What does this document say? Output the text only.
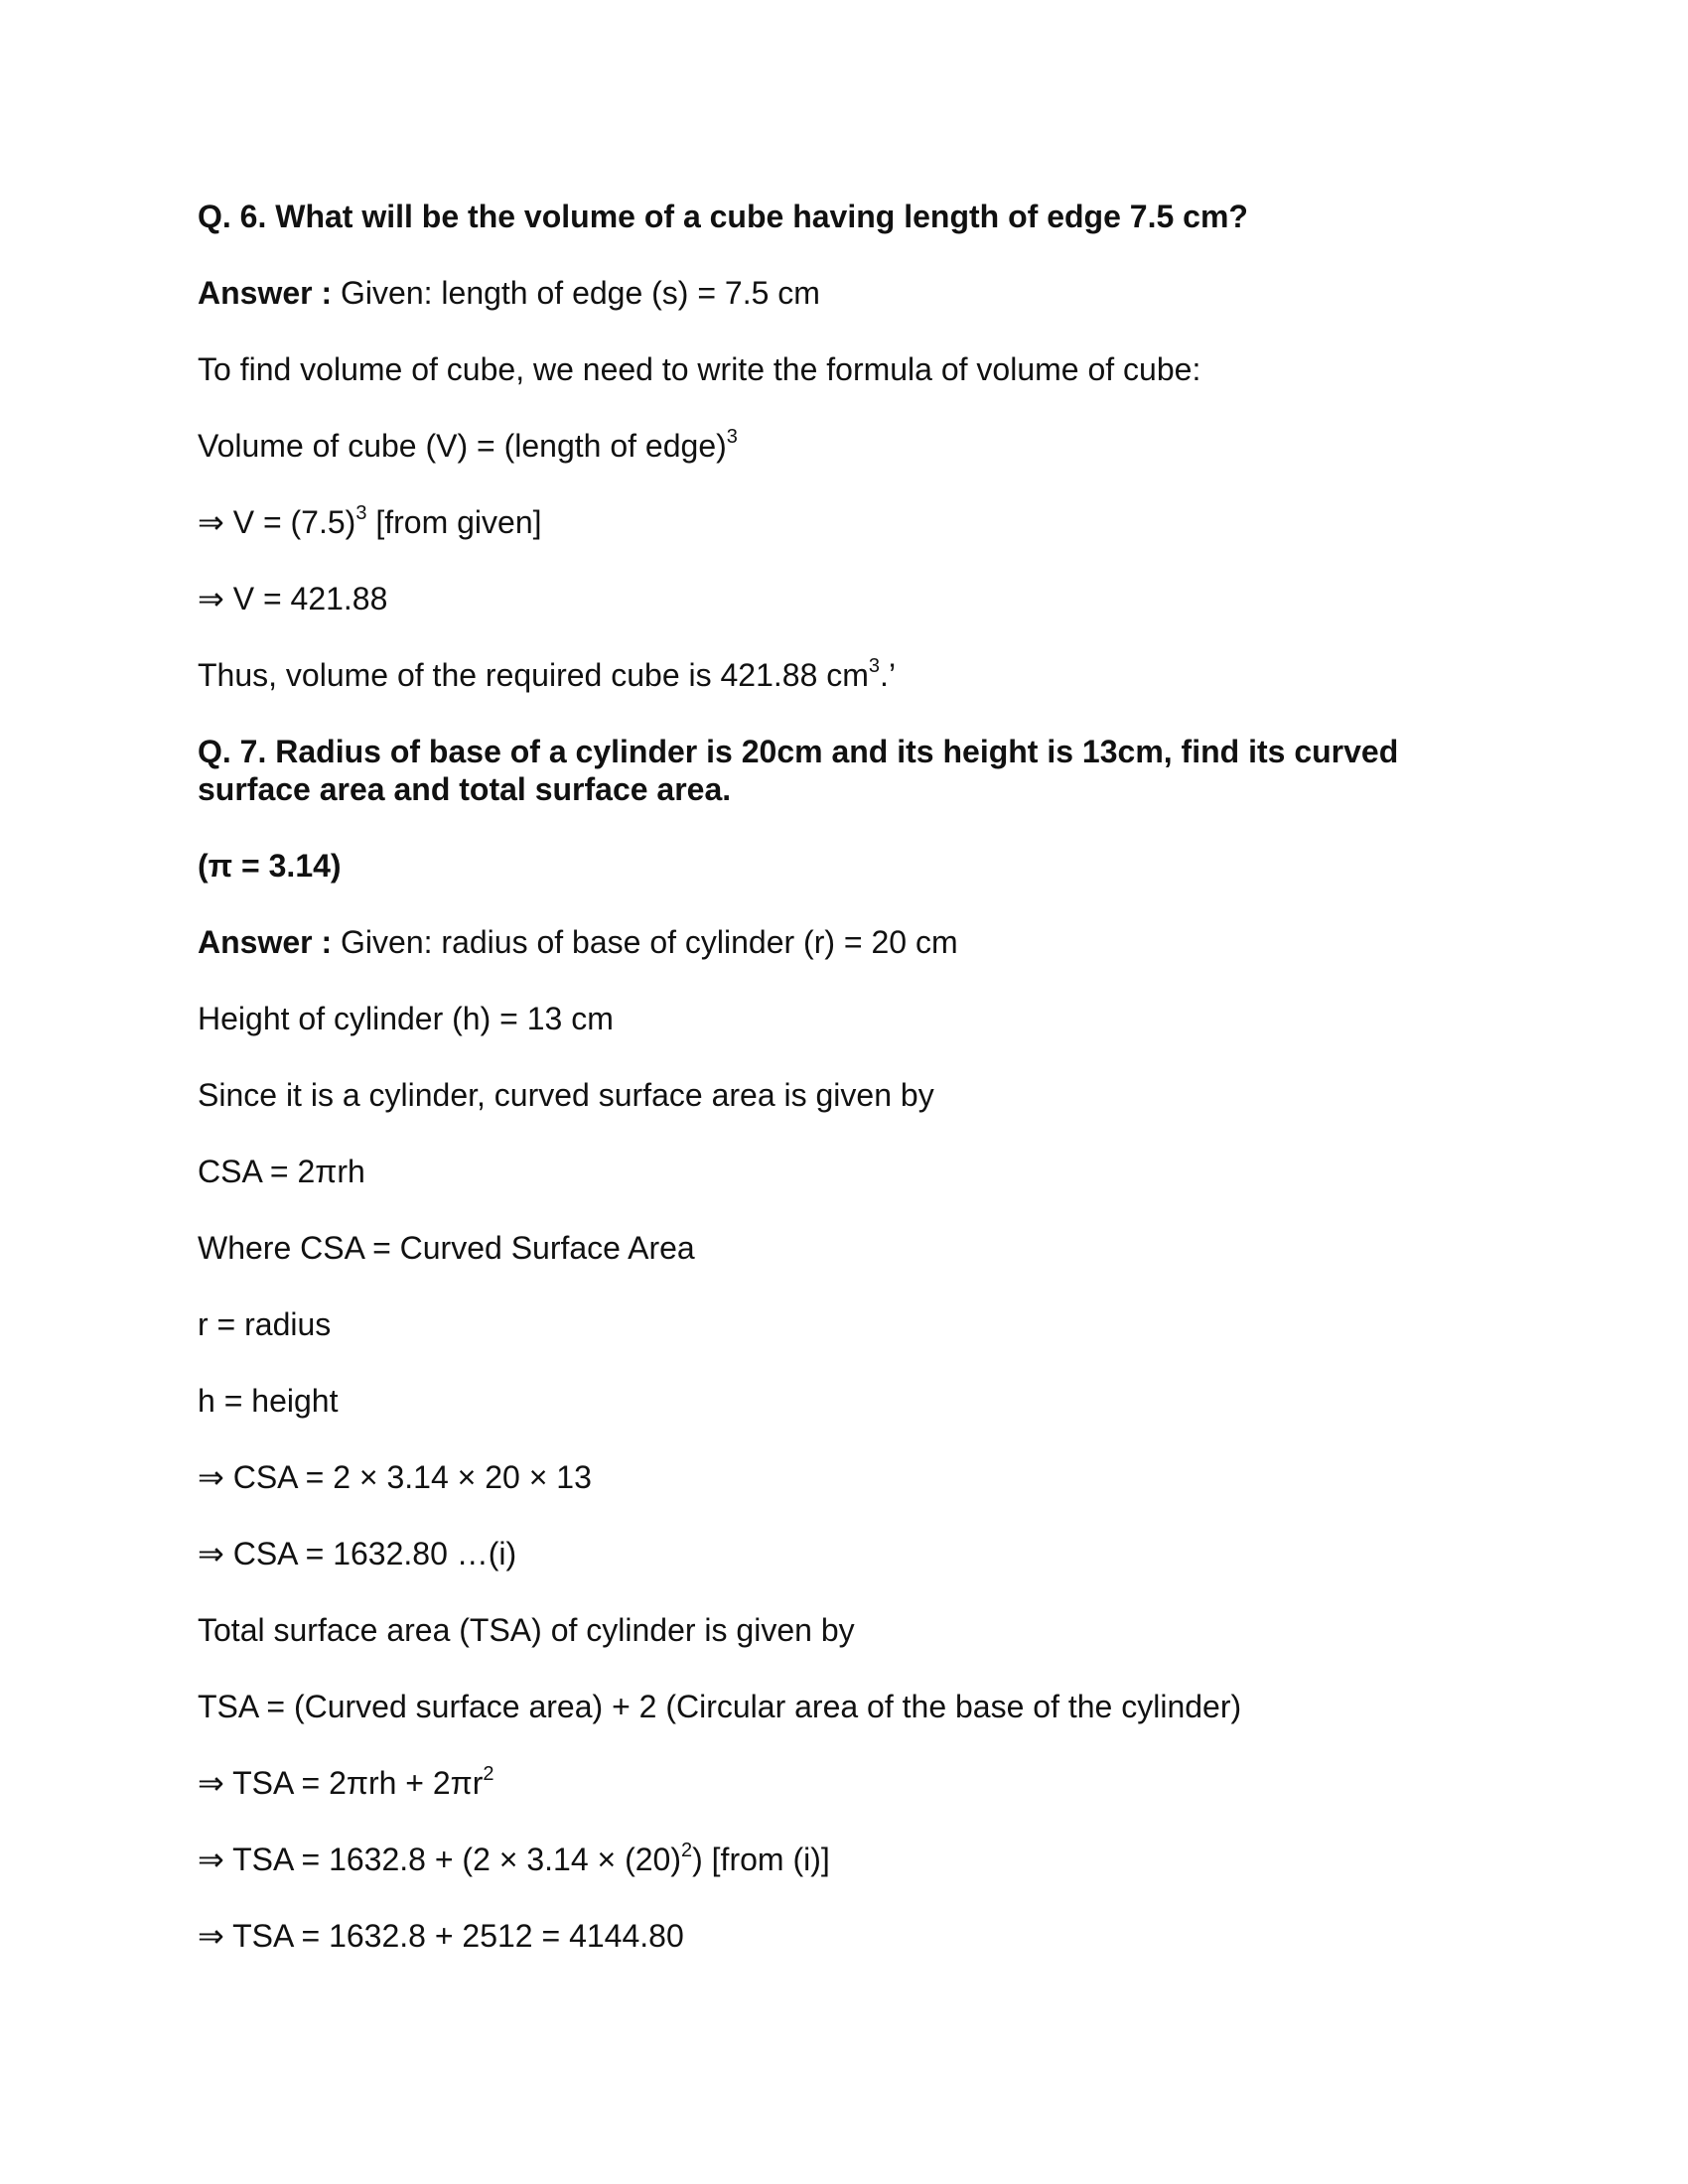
Q. 6. What will be the volume of a cube having length of edge 7.5 cm?
Answer : Given: length of edge (s) = 7.5 cm
To find volume of cube, we need to write the formula of volume of cube:
Volume of cube (V) = (length of edge)$^3$
⇒ $V = (7.5)^3$ [from given]
⇒ V = 421.88
Thus, volume of the required cube is 421.88 $cm^3$.’
Q. 7. Radius of base of a cylinder is 20cm and its height is 13cm, find its curved surface area and total surface area.
(π = 3.14)
Answer : Given: radius of base of cylinder (r) = 20 cm
Height of cylinder (h) = 13 cm
Since it is a cylinder, curved surface area is given by
CSA = 2πrh
Where CSA = Curved Surface Area
r = radius
h = height
⇒ CSA = 2 × 3.14 × 20 × 13
⇒ CSA = 1632.80 …(i)
Total surface area (TSA) of cylinder is given by
TSA = (Curved surface area) + 2 (Circular area of the base of the cylinder)
⇒ TSA = $2\pi rh + 2\pi r^2$
⇒ TSA = $1632.8 + (2 \times 3.14 \times (20)^2)$ [from (i)]
⇒ TSA = 1632.8 + 2512 = 4144.80
